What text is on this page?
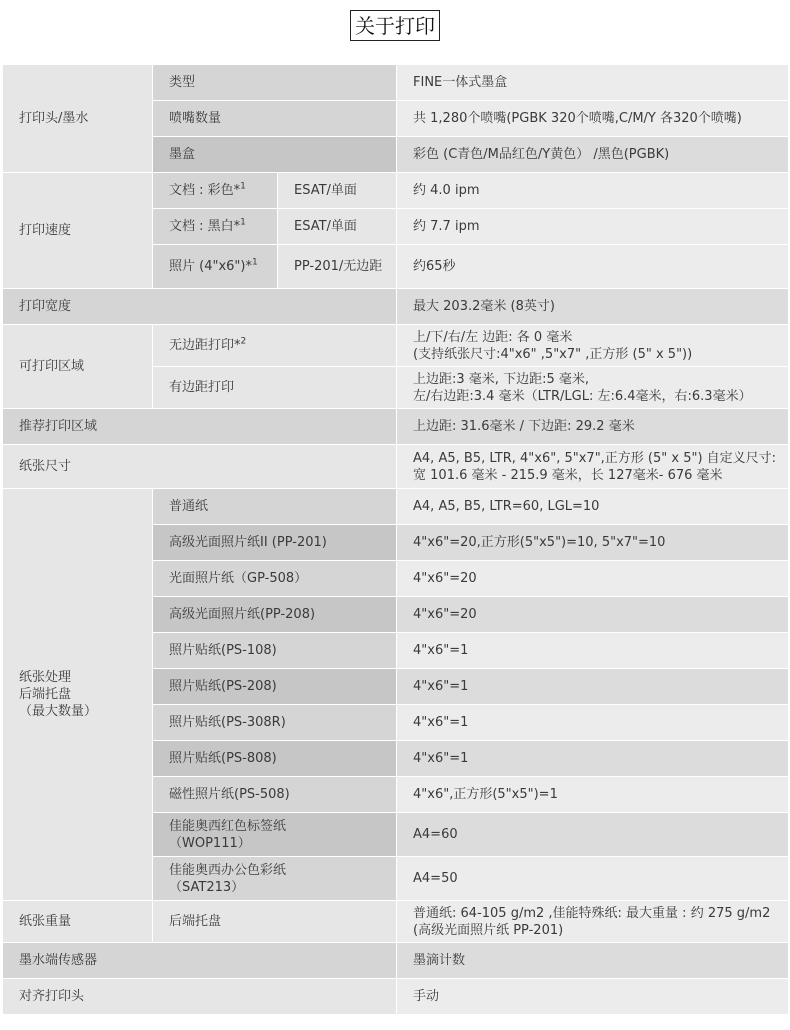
关于打印
打印头/墨水	类型		FINE一体式墨盒
	喷嘴数量		共 1,280个喷嘴(PGBK 320个喷嘴,C/M/Y 各320个喷嘴)
	墨盒		彩色 (C青色/M品红色/Y黄色） /黑色(PGBK)
打印速度	文档 : 彩色*$^1$	ESAT/单面	约 4.0 ipm
	文档 : 黑白*$^1$	ESAT/单面	约 7.7 ipm
	照片 (4"x6")*$^1$	PP-201/无边距	约65秒
打印宽度			最大 203.2毫米 (8英寸)
可打印区域	无边距打印*$^2$		上/下/右/左 边距: 各 0 毫米
(支持纸张尺寸:4"x6" ,5"x7" ,正方形 (5" x 5"))

	有边距打印		上边距:3 毫米, 下边距:5 毫米,
左/右边距:3.4 毫米（LTR/LGL: 左:6.4毫米，右:6.3毫米）

推荐打印区域			上边距: 31.6毫米 / 下边距: 29.2 毫米
纸张尺寸			A4, A5, B5, LTR, 4"x6", 5"x7",正方形 (5" x 5") 自定义尺寸:
宽 101.6 毫米 - 215.9 毫米，长 127毫米- 676 毫米

纸张处理
后端托盘
（最大数量）	普通纸		A4, A5, B5, LTR=60, LGL=10
	高级光面照片纸II (PP-201)		4"x6"=20,正方形(5"x5")=10, 5"x7"=10
	光面照片纸（GP-508）		4"x6"=20
	高级光面照片纸(PP-208)		4"x6"=20
	照片贴纸(PS-108)		4"x6"=1
	照片贴纸(PS-208)		4"x6"=1
	照片贴纸(PS-308R)		4"x6"=1
	照片贴纸(PS-808)		4"x6"=1
	磁性照片纸(PS-508)		4"x6",正方形(5"x5")=1

	佳能奥西红色标签纸
（WOP111）		A4=60

	佳能奥西办公色彩纸
（SAT213）		A4=50
纸张重量	后端托盘		普通纸: 64-105 g/m2 ,佳能特殊纸: 最大重量 : 约 275 g/m2
(高级光面照片纸 PP-201)

墨水端传感器			墨滴计数
对齐打印头			手动
